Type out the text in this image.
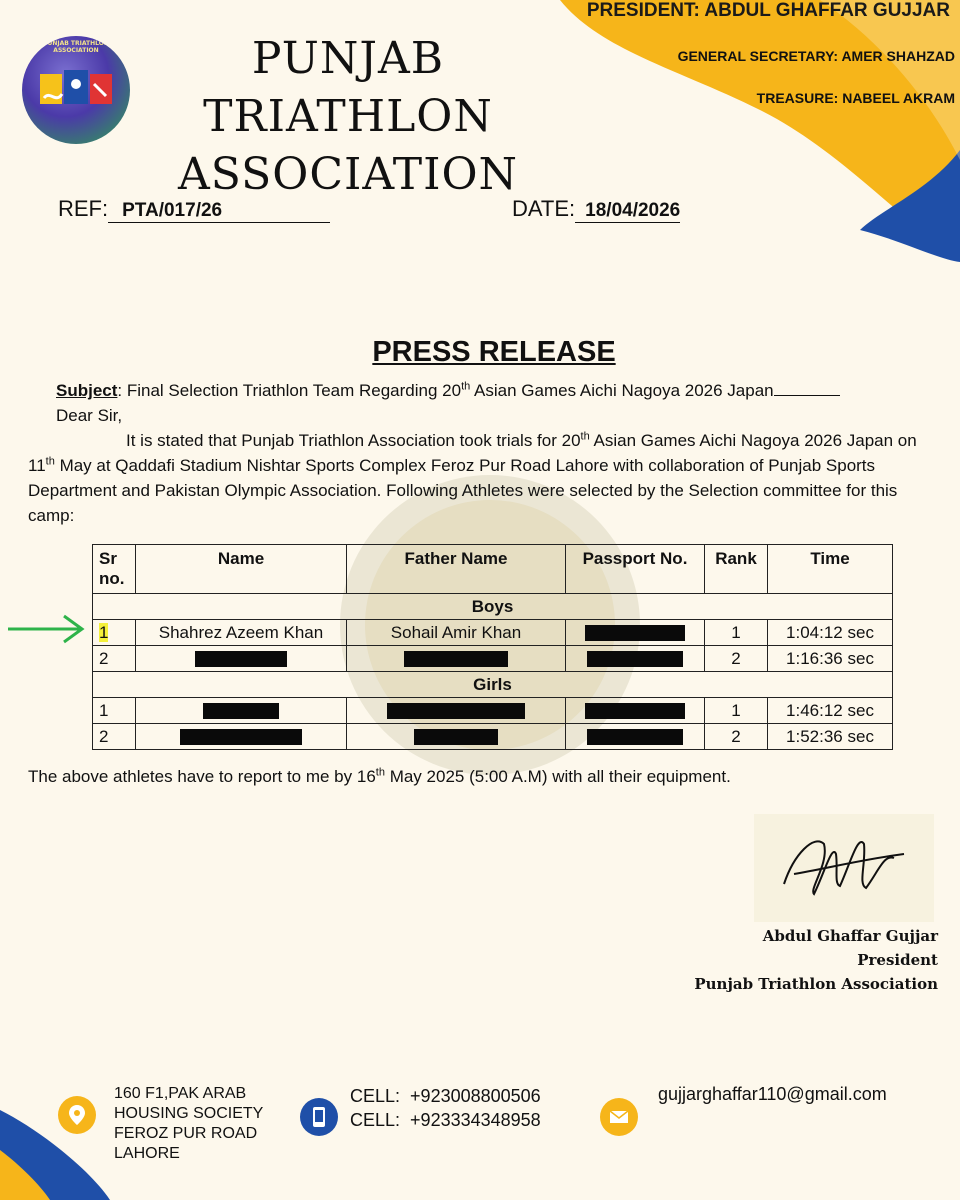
PUNJAB TRIATHLON ASSOCIATION	PUNJAB TRIATHLON
ASSOCIATION
PRESIDENT: ABDUL GHAFFAR GUJJAR
GENERAL SECRETARY: AMER SHAHZAD
TREASURE: NABEEL AKRAM
REF: PTA/017/26	DATE: 18/04/2026
PRESS RELEASE
Subject: Final Selection Triathlon Team Regarding 20th Asian Games Aichi Nagoya 2026 Japan
Dear Sir,
It is stated that Punjab Triathlon Association took trials for 20th Asian Games Aichi Nagoya 2026 Japan on 11th May at Qaddafi Stadium Nishtar Sports Complex Feroz Pur Road Lahore with collaboration of Punjab Sports Department and Pakistan Olympic Association. Following Athletes were selected by the Selection committee for this camp:
Sr
no.	Name	Father Name	Passport No.	Rank	Time
Boys					
1	Shahrez Azeem Khan	Sohail Amir Khan		1	1:04:12 sec
2				2	1:16:36 sec
Girls					
1				1	1:46:12 sec
2				2	1:52:36 sec
The above athletes have to report to me by 16th May 2025 (5:00 A.M) with all their equipment.
Abdul Ghaffar Gujjar
President
Punjab Triathlon Association
160 F1,PAK ARAB
HOUSING SOCIETY
FEROZ PUR ROAD
LAHORE
CELL: +923008800506
CELL: +923334348958
gujjarghaffar110@gmail.com
